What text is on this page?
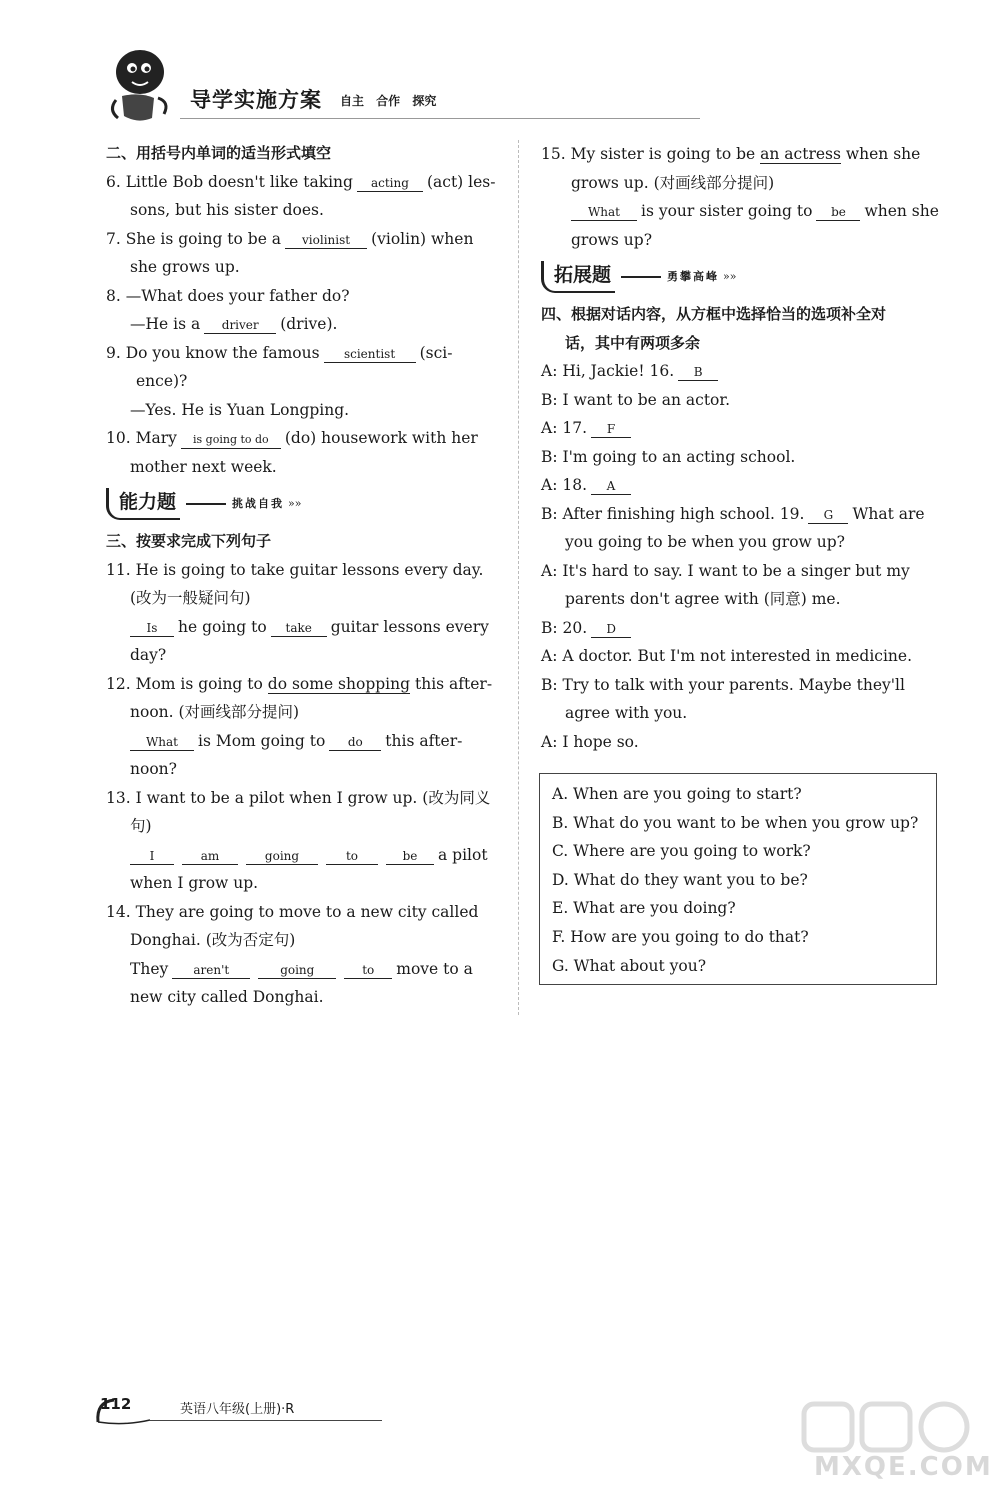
导学实施方案 自主 合作 探究
二、用括号内单词的适当形式填空
6. Little Bob doesn't like taking acting (act) les-
sons, but his sister does.
7. She is going to be a violinist (violin) when
she grows up.
8. —What does your father do?
—He is a driver (drive).
9. Do you know the famous scientist (sci-
ence)?
—Yes. He is Yuan Longping.
10. Mary is going to do (do) housework with her
mother next week.
能力题	挑战自我 »»
三、按要求完成下列句子
11. He is going to take guitar lessons every day.
(改为一般疑问句)
Is he going to take guitar lessons every
day?
12. Mom is going to do some shopping this after-
noon. (对画线部分提问)
What is Mom going to do this after-
noon?
13. I want to be a pilot when I grow up. (改为同义
句)
I	am	going	to	be a pilot
when I grow up.
14. They are going to move to a new city called
Donghai. (改为否定句)
They aren't	going	to move to a
new city called Donghai.
15. My sister is going to be an actress when she
grows up. (对画线部分提问)
What is your sister going to be when she
grows up?
拓展题	勇攀高峰 »»
四、根据对话内容，从方框中选择恰当的选项补全对
话，其中有两项多余
A: Hi, Jackie! 16. B
B: I want to be an actor.
A: 17. F
B: I'm going to an acting school.
A: 18. A
B: After finishing high school. 19. G What are
you going to be when you grow up?
A: It's hard to say. I want to be a singer but my
parents don't agree with (同意) me.
B: 20. D
A: A doctor. But I'm not interested in medicine.
B: Try to talk with your parents. Maybe they'll
agree with you.
A: I hope so.
A. When are you going to start?
B. What do you want to be when you grow up?
C. Where are you going to work?
D. What do they want you to be?
E. What are you doing?
F. How are you going to do that?
G. What about you?
112	英语八年级(上册)·R
MXQE.COM
